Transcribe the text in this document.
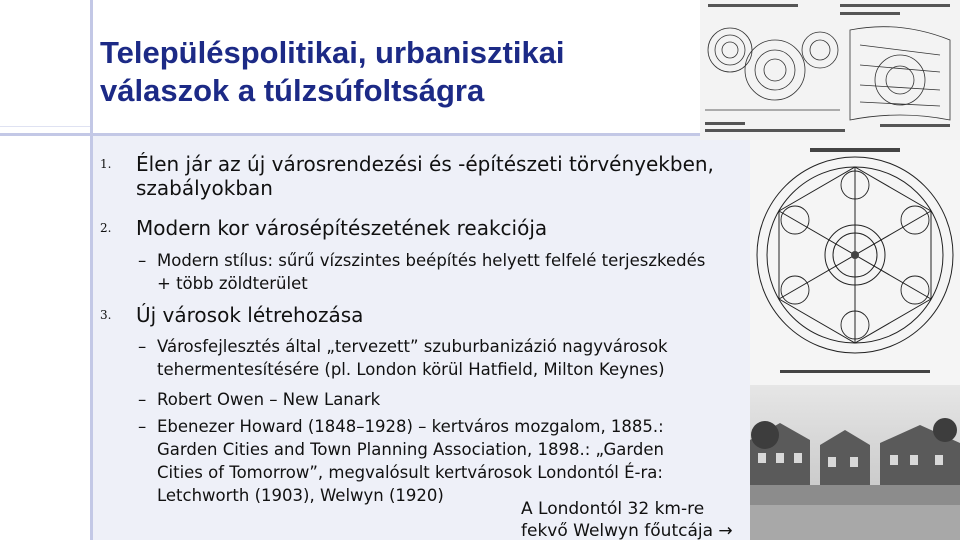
Településpolitikai, urbanisztikai
válaszok a túlzsúfoltságra
1. Élen jár az új városrendezési és -építészeti törvényekben,
szabályokban
2. Modern kor városépítészetének reakciója
– Modern stílus: sűrű vízszintes beépítés helyett felfelé terjeszkedés
+ több zöldterület
3. Új városok létrehozása
– Városfejlesztés által „tervezett” szuburbanizázió nagyvárosok
tehermentesítésére (pl. London körül Hatfield, Milton Keynes)
– Robert Owen – New Lanark
– Ebenezer Howard (1848–1928) – kertváros mozgalom, 1885.:
Garden Cities and Town Planning Association, 1898.: „Garden
Cities of Tomorrow”, megvalósult kertvárosok Londontól É-ra:
Letchworth (1903), Welwyn (1920)
A Londontól 32 km-re
fekvő Welwyn főutcája →
